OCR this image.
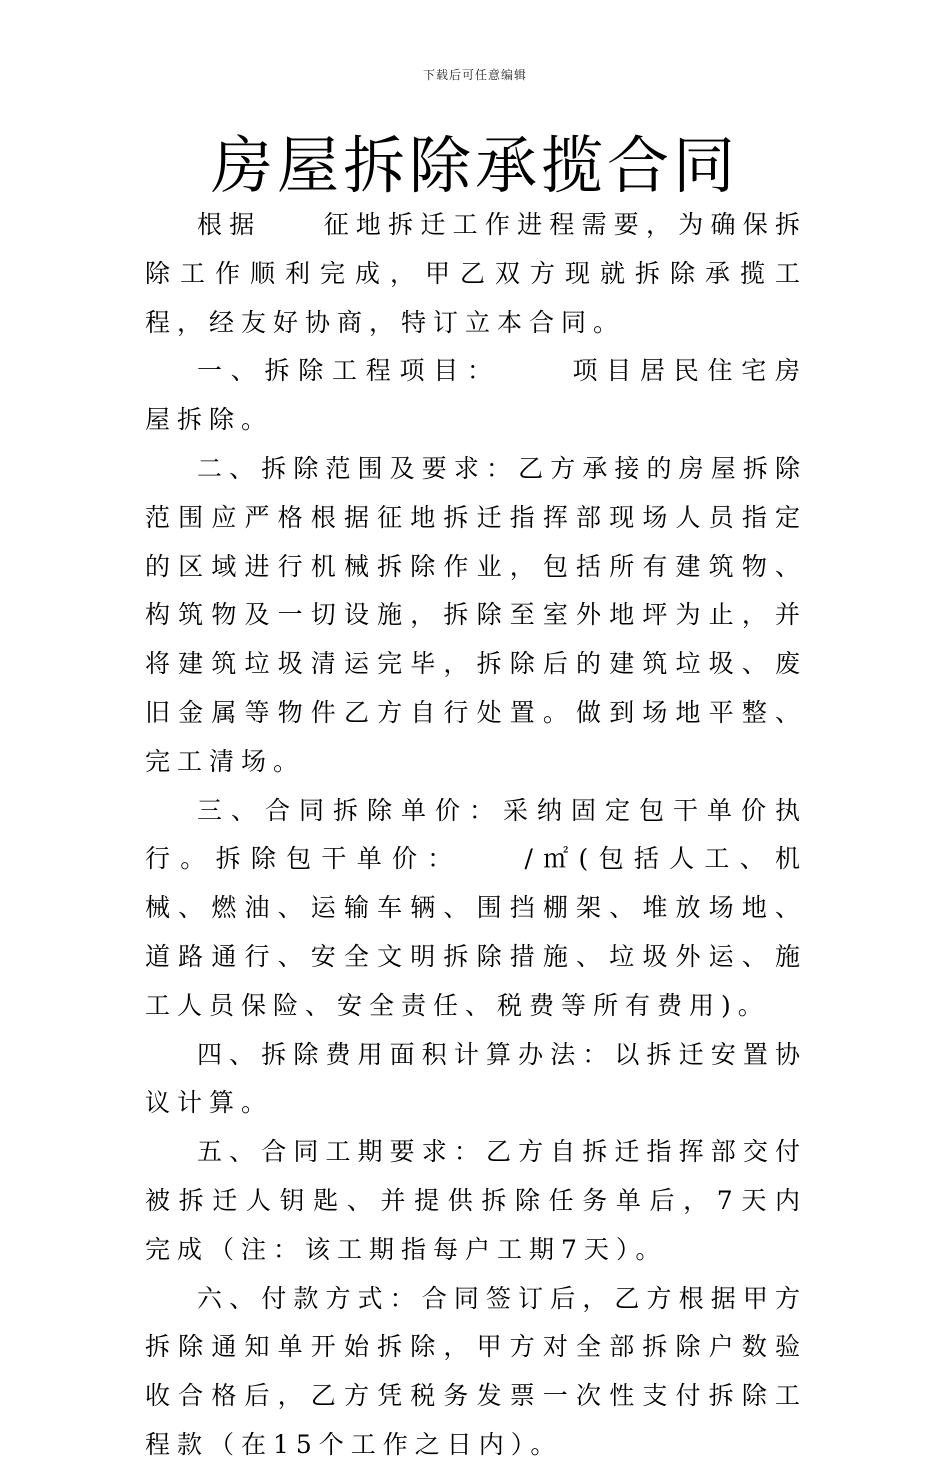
下载后可任意编辑
房屋拆除承揽合同

根据 征地拆迁工作进程需要，为确保拆除工作顺利完成，甲乙双方现就拆除承揽工程，经友好协商，特订立本合同。

一、拆除工程项目：	项目居民住宅房屋拆除。

二、拆除范围及要求：乙方承接的房屋拆除范围应严格根据征地拆迁指挥部现场人员指定的区域进行机械拆除作业，包括所有建筑物、构筑物及一切设施，拆除至室外地坪为止，并将建筑垃圾清运完毕，拆除后的建筑垃圾、废旧金属等物件乙方自行处置。做到场地平整、完工清场。

三、合同拆除单价：采纳固定包干单价执行。拆除包干单价： /㎡(包括人工、机械、燃油、运输车辆、围挡棚架、堆放场地、道路通行、安全文明拆除措施、垃圾外运、施工人员保险、安全责任、税费等所有费用)。

四、拆除费用面积计算办法：以拆迁安置协议计算。

五、合同工期要求：乙方自拆迁指挥部交付被拆迁人钥匙、并提供拆除任务单后，7天内完成（注：该工期指每户工期7天）。

六、付款方式：合同签订后，乙方根据甲方拆除通知单开始拆除，甲方对全部拆除户数验收合格后，乙方凭税务发票一次性支付拆除工程款（在15个工作之日内）。
